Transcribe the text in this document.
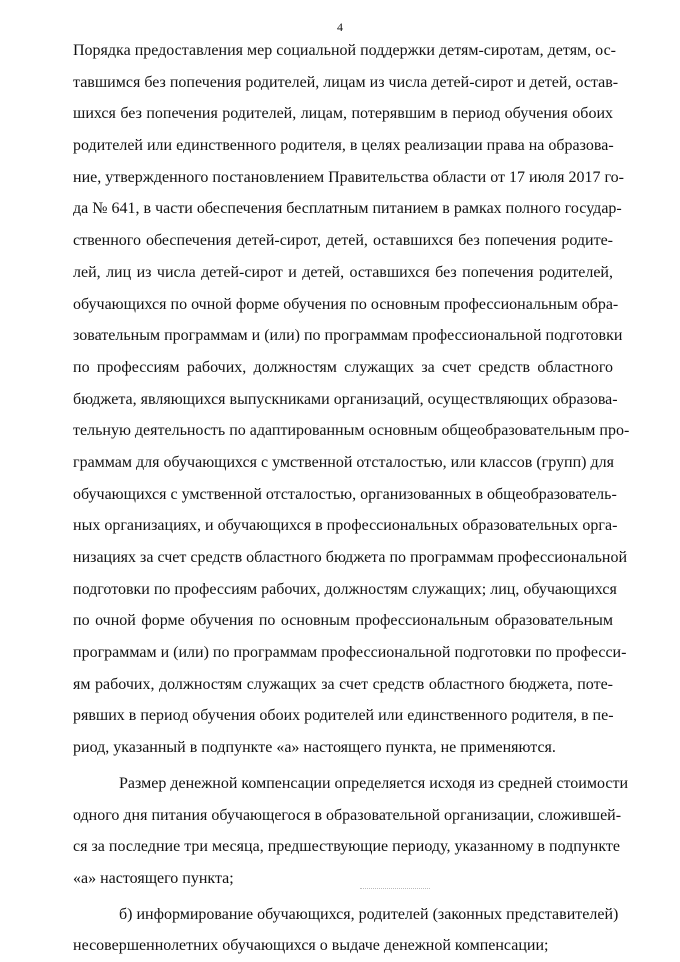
4
Порядка предоставления мер социальной поддержки детям-сиротам, детям, ос-
тавшимся без попечения родителей, лицам из числа детей-сирот и детей, остав-
шихся без попечения родителей, лицам, потерявшим в период обучения обоих
родителей или единственного родителя, в целях реализации права на образова-
ние, утвержденного постановлением Правительства области от 17 июля 2017 го-
да № 641, в части обеспечения бесплатным питанием в рамках полного государ-
ственного обеспечения детей-сирот, детей, оставшихся без попечения родите-
лей, лиц из числа детей-сирот и детей, оставшихся без попечения родителей,
обучающихся по очной форме обучения по основным профессиональным обра-
зовательным программам и (или) по программам профессиональной подготовки
по профессиям рабочих, должностям служащих за счет средств областного
бюджета, являющихся выпускниками организаций, осуществляющих образова-
тельную деятельность по адаптированным основным общеобразовательным про-
граммам для обучающихся с умственной отсталостью, или классов (групп) для
обучающихся с умственной отсталостью, организованных в общеобразователь-
ных организациях, и обучающихся в профессиональных образовательных орга-
низациях за счет средств областного бюджета по программам профессиональной
подготовки по профессиям рабочих, должностям служащих; лиц, обучающихся
по очной форме обучения по основным профессиональным образовательным
программам и (или) по программам профессиональной подготовки по професси-
ям рабочих, должностям служащих за счет средств областного бюджета, поте-
рявших в период обучения обоих родителей или единственного родителя, в пе-
риод, указанный в подпункте «а» настоящего пункта, не применяются.
Размер денежной компенсации определяется исходя из средней стоимости
одного дня питания обучающегося в образовательной организации, сложившей-
ся за последние три месяца, предшествующие периоду, указанному в подпункте
«а» настоящего пункта;
б) информирование обучающихся, родителей (законных представителей)
несовершеннолетних обучающихся о выдаче денежной компенсации;
